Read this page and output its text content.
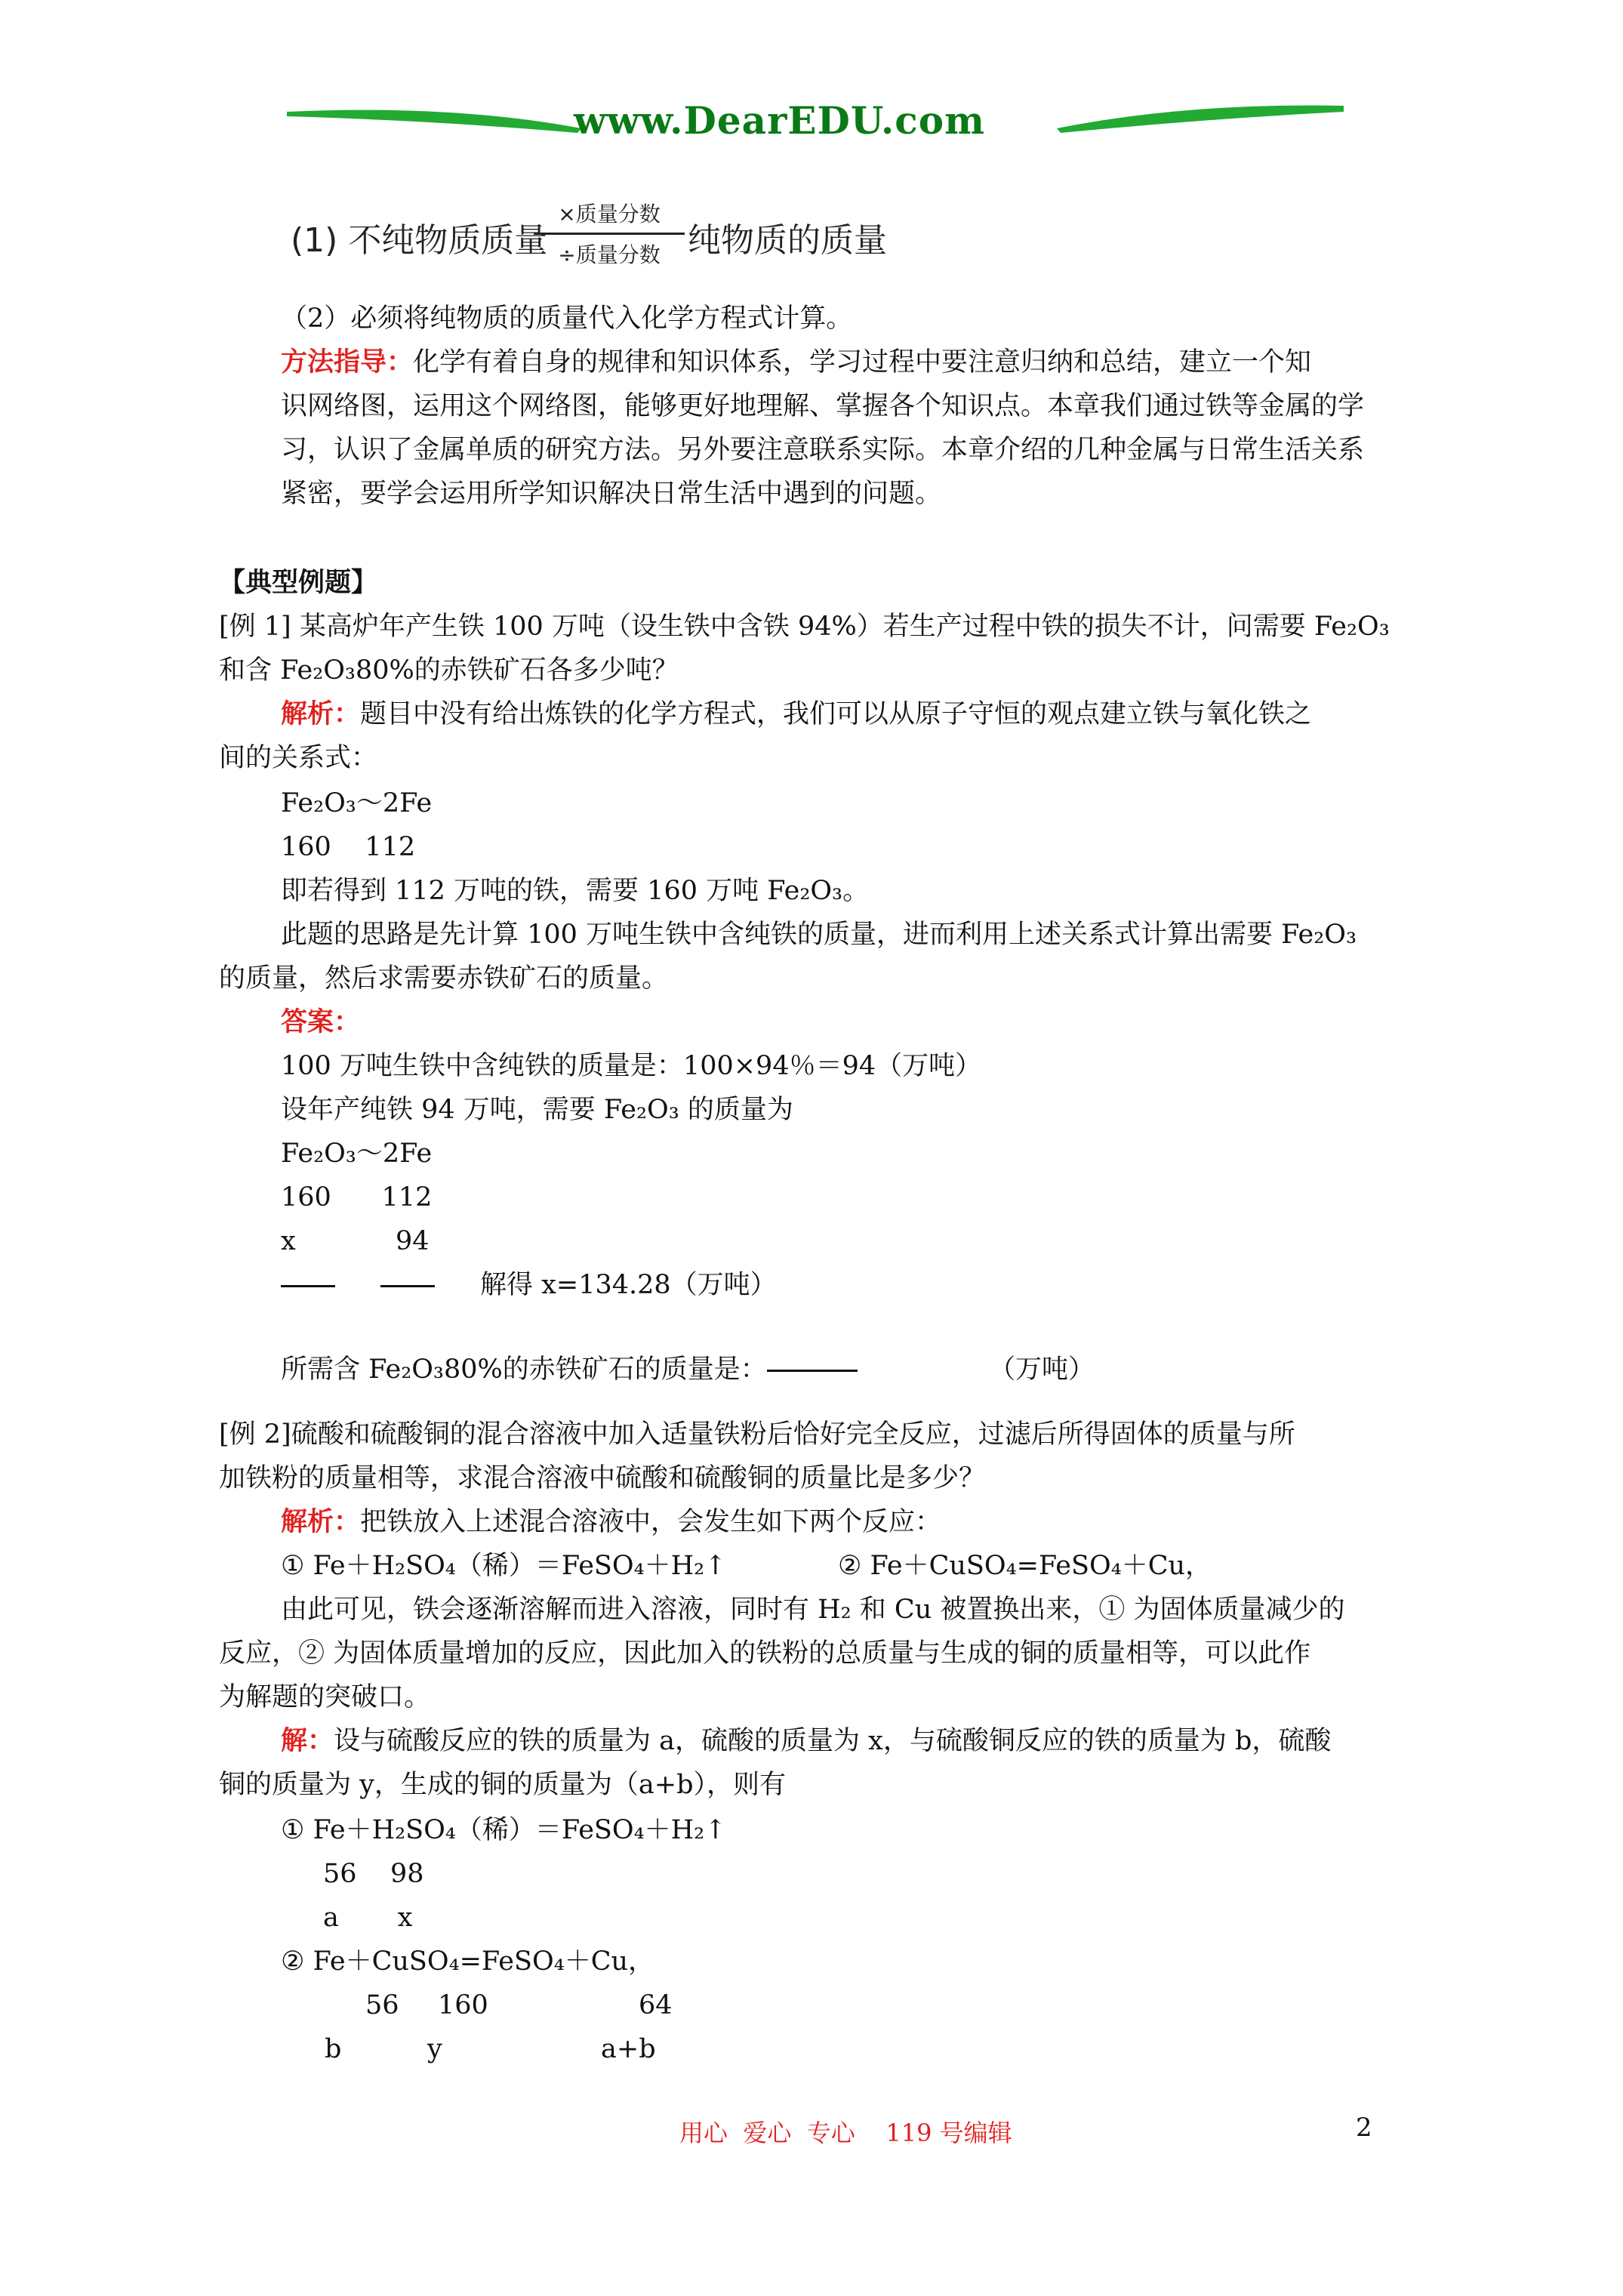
www.DearEDU.com
(1) 不纯物质质量
×质量分数
÷质量分数 纯物质的质量
（2）必须将纯物质的质量代入化学方程式计算。
方法指导：化学有着自身的规律和知识体系，学习过程中要注意归纳和总结，建立一个知
识网络图，运用这个网络图，能够更好地理解、掌握各个知识点。本章我们通过铁等金属的学
习，认识了金属单质的研究方法。另外要注意联系实际。本章介绍的几种金属与日常生活关系
紧密，要学会运用所学知识解决日常生活中遇到的问题。
【典型例题】
[例 1] 某高炉年产生铁 100 万吨（设生铁中含铁 94%）若生产过程中铁的损失不计，问需要 Fe₂O₃
和含 Fe₂O₃80%的赤铁矿石各多少吨？
解析：题目中没有给出炼铁的化学方程式，我们可以从原子守恒的观点建立铁与氧化铁之
间的关系式：
Fe₂O₃～2Fe
160    112
即若得到 112 万吨的铁，需要 160 万吨 Fe₂O₃。
此题的思路是先计算 100 万吨生铁中含纯铁的质量，进而利用上述关系式计算出需要 Fe₂O₃
的质量，然后求需要赤铁矿石的质量。
答案：
100 万吨生铁中含纯铁的质量是：100×94％＝94（万吨）
设年产纯铁 94 万吨，需要 Fe₂O₃ 的质量为
Fe₂O₃～2Fe
160      112
x	94
解得 x=134.28（万吨）
所需含 Fe₂O₃80%的赤铁矿石的质量是：	（万吨）
[例 2]硫酸和硫酸铜的混合溶液中加入适量铁粉后恰好完全反应，过滤后所得固体的质量与所
加铁粉的质量相等，求混合溶液中硫酸和硫酸铜的质量比是多少？
解析：把铁放入上述混合溶液中，会发生如下两个反应：
① Fe＋H₂SO₄（稀）＝FeSO₄＋H₂↑	② Fe＋CuSO₄=FeSO₄＋Cu，
由此可见，铁会逐渐溶解而进入溶液，同时有 H₂ 和 Cu 被置换出来，① 为固体质量减少的
反应，② 为固体质量增加的反应，因此加入的铁粉的总质量与生成的铜的质量相等，可以此作
为解题的突破口。
解：设与硫酸反应的铁的质量为 a，硫酸的质量为 x，与硫酸铜反应的铁的质量为 b，硫酸
铜的质量为 y，生成的铜的质量为（a+b），则有
① Fe＋H₂SO₄（稀）＝FeSO₄＋H₂↑
56    98
a       x
② Fe＋CuSO₄=FeSO₄＋Cu，
56 160	64
b	y	a+b
用心  爱心  专心    119 号编辑	2
